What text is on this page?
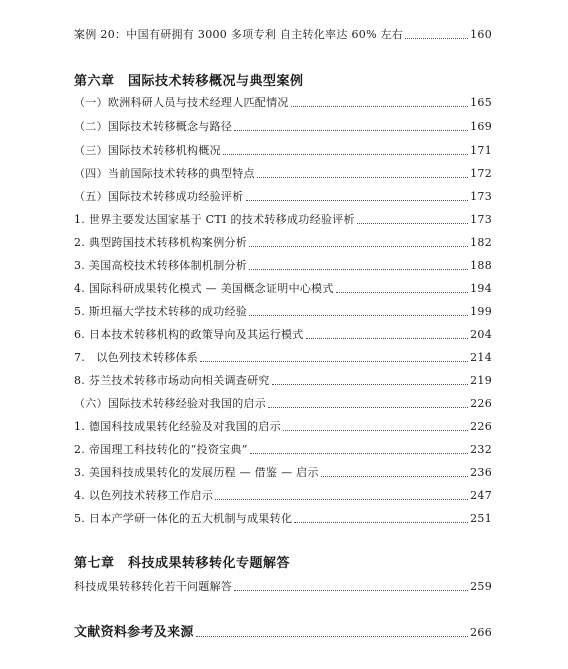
案例 20：中国有研拥有 3000 多项专利 自主转化率达 60% 左右	160
第六章　国际技术转移概况与典型案例
（一）欧洲科研人员与技术经理人匹配情况	165
（二）国际技术转移概念与路径	169
（三）国际技术转移机构概况	171
（四）当前国际技术转移的典型特点	172
（五）国际技术转移成功经验评析	173
1. 世界主要发达国家基于 CTI 的技术转移成功经验评析	173
2. 典型跨国技术转移机构案例分析	182
3. 美国高校技术转移体制机制分析	188
4. 国际科研成果转化模式 — 美国概念证明中心模式	194
5. 斯坦福大学技术转移的成功经验	199
6. 日本技术转移机构的政策导向及其运行模式	204
7.　以色列技术转移体系	214
8. 芬兰技术转移市场动向相关调查研究	219
（六）国际技术转移经验对我国的启示	226
1. 德国科技成果转化经验及对我国的启示	226
2. 帝国理工科技转化的“投资宝典”	232
3. 美国科技成果转化的发展历程 — 借鉴 — 启示	236
4. 以色列技术转移工作启示	247
5. 日本产学研一体化的五大机制与成果转化	251
第七章　科技成果转移转化专题解答
科技成果转移转化若干问题解答	259
文献资料参考及来源	266
